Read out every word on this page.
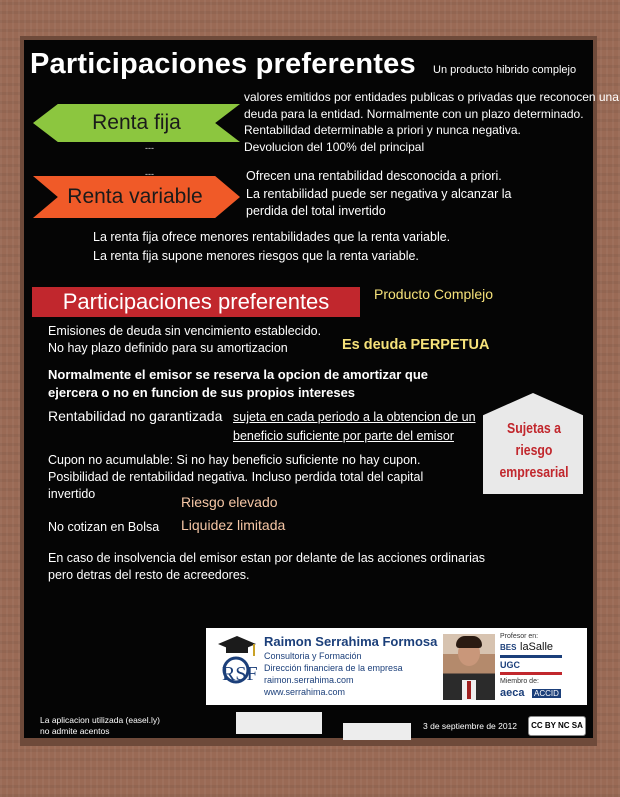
Participaciones preferentes Un producto hibrido complejo
Renta fija
---
valores emitidos por entidades publicas o privadas que reconocen una
deuda para la entidad. Normalmente con un plazo determinado.
Rentabilidad determinable a priori y nunca negativa.
Devolucion del 100% del principal
Renta variable
---	Ofrecen una rentabilidad desconocida a priori.
La rentabilidad puede ser negativa y alcanzar la
perdida del total invertido
La renta fija ofrece menores rentabilidades que la renta variable.
La renta fija supone menores riesgos que la renta variable.
Participaciones preferentes	Producto Complejo
Emisiones de deuda sin vencimiento establecido.
No hay plazo definido para su amortizacion	Es deuda PERPETUA
Normalmente el emisor se reserva la opcion de amortizar que
ejercera o no en funcion de sus propios intereses
Rentabilidad no garantizada sujeta en cada periodo a la obtencion de un
beneficio suficiente por parte del emisor	Sujetas a riesgo empresarial
Cupon no acumulable: Si no hay beneficio suficiente no hay cupon.
Posibilidad de rentabilidad negativa. Incluso perdida total del capital
invertido	Riesgo elevado
No cotizan en Bolsa Liquidez limitada
En caso de insolvencia del emisor estan por delante de las acciones ordinarias
pero detras del resto de acreedores.
RSF
Raimon Serrahima Formosa
Consultoria y Formación
Dirección financiera de la empresa
raimon.serrahima.com
www.serrahima.com
Profesor en:
BES laSalle
UGC
Miembro de:
aeca ACCID
La aplicacion utilizada (easel.ly)
no admite acentos	3 de septiembre de 2012	CC BY NC SA
